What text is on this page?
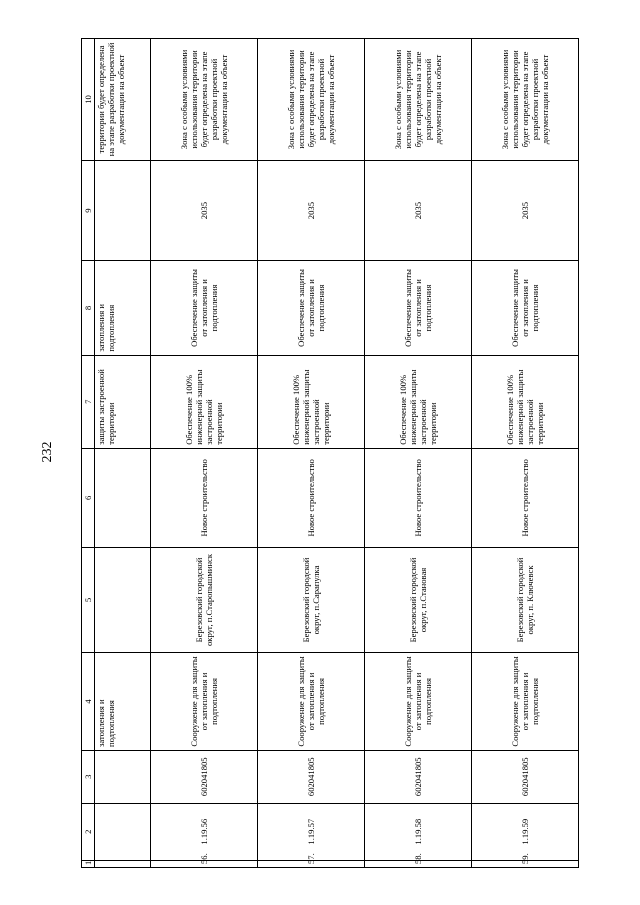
232
1	2	3	4	5	6	7	8	9	10
			затопления и подтопления			защиты застроенной территории	затопления и подтопления		территории будет определена на этапе разработки проектной документации на объект
56.	1.19.56	602041805	Сооружение для защиты от затопления и подтопления	Березовский городской округ, п.Старопышминск	Новое строительство	Обеспечение 100% инженерной защиты застроенной территории	Обеспечение защиты от затопления и подтопления	2035	Зона с особыми условиями использования территории будет определена на этапе разработки проектной документации на объект
57.	1.19.57	602041805	Сооружение для защиты от затопления и подтопления	Березовский городской округ, п.Сарапулка	Новое строительство	Обеспечение 100% инженерной защиты застроенной территории	Обеспечение защиты от затопления и подтопления	2035	Зона с особыми условиями использования территории будет определена на этапе разработки проектной документации на объект
58.	1.19.58	602041805	Сооружение для защиты от затопления и подтопления	Березовский городской округ, п.Становая	Новое строительство	Обеспечение 100% инженерной защиты застроенной территории	Обеспечение защиты от затопления и подтопления	2035	Зона с особыми условиями использования территории будет определена на этапе разработки проектной документации на объект
59.	1.19.59	602041805	Сооружение для защиты от затопления и подтопления	Березовский городской округ, п. Ключевск	Новое строительство	Обеспечение 100% инженерной защиты застроенной территории	Обеспечение защиты от затопления и подтопления	2035	Зона с особыми условиями использования территории будет определена на этапе разработки проектной документации на объект
